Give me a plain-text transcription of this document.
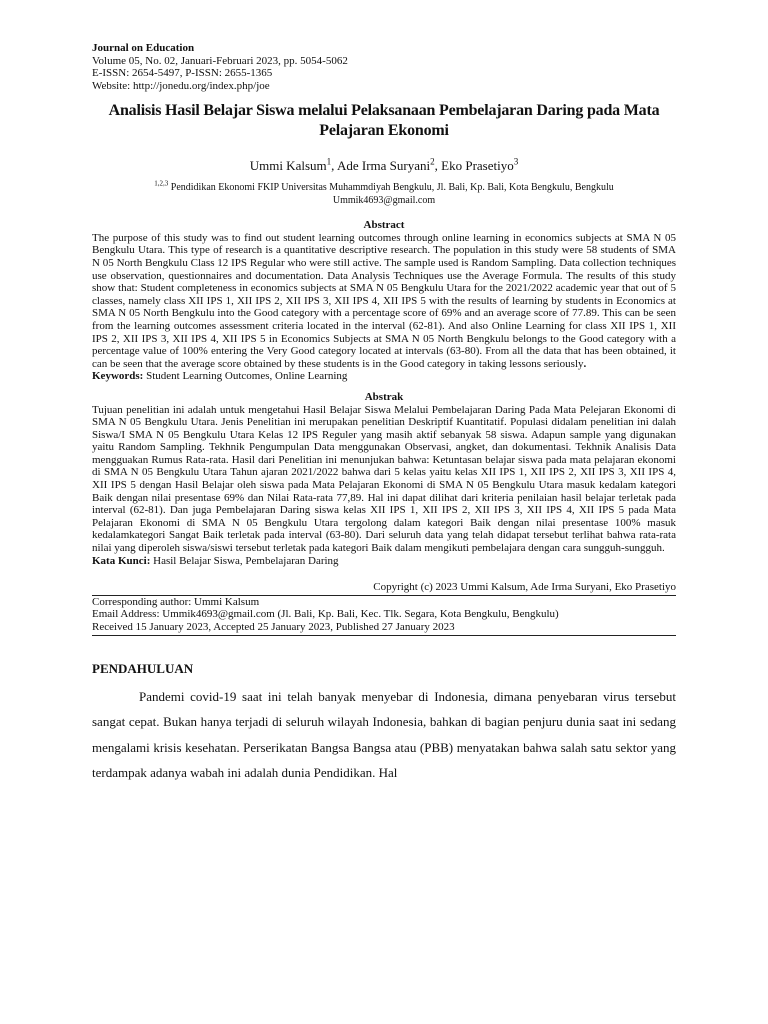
Journal on Education
Volume 05, No. 02, Januari-Februari 2023, pp. 5054-5062
E-ISSN: 2654-5497, P-ISSN: 2655-1365
Website: http://jonedu.org/index.php/joe
Analisis Hasil Belajar Siswa melalui Pelaksanaan Pembelajaran Daring pada Mata Pelajaran Ekonomi
Ummi Kalsum$^1$, Ade Irma Suryani$^2$, Eko Prasetiyo$^3$
$^{1,2,3}$ Pendidikan Ekonomi FKIP Universitas Muhammdiyah Bengkulu, Jl. Bali, Kp. Bali, Kota Bengkulu, Bengkulu
Ummik4693@gmail.com
Abstract
The purpose of this study was to find out student learning outcomes through online learning in economics subjects at SMA N 05 Bengkulu Utara. This type of research is a quantitative descriptive research. The population in this study were 58 students of SMA N 05 North Bengkulu Class 12 IPS Regular who were still active. The sample used is Random Sampling. Data collection techniques use observation, questionnaires and documentation. Data Analysis Techniques use the Average Formula. The results of this study show that: Student completeness in economics subjects at SMA N 05 Bengkulu Utara for the 2021/2022 academic year that out of 5 classes, namely class XII IPS 1, XII IPS 2, XII IPS 3, XII IPS 4, XII IPS 5 with the results of learning by students in Economics at SMA N 05 North Bengkulu into the Good category with a percentage score of 69% and an average score of 77.89. This can be seen from the learning outcomes assessment criteria located in the interval (62-81). And also Online Learning for class XII IPS 1, XII IPS 2, XII IPS 3, XII IPS 4, XII IPS 5 in Economics Subjects at SMA N 05 North Bengkulu belongs to the Good category with a percentage value of 100% entering the Very Good category located at intervals (63-80). From all the data that has been obtained, it can be seen that the average score obtained by these students is in the Good category in taking lessons seriously.
Keywords: Student Learning Outcomes, Online Learning
Abstrak
Tujuan penelitian ini adalah untuk mengetahui Hasil Belajar Siswa Melalui Pembelajaran Daring Pada Mata Pelejaran Ekonomi di SMA N 05 Bengkulu Utara. Jenis Penelitian ini merupakan penelitian Deskriptif Kuantitatif. Populasi didalam penelitian ini dalah Siswa/I SMA N 05 Bengkulu Utara Kelas 12 IPS Reguler yang masih aktif sebanyak 58 siswa. Adapun sample yang digunakan yaitu Random Sampling. Tekhnik Pengumpulan Data menggunakan Observasi, angket, dan dokumentasi. Tekhnik Analisis Data mengguakan Rumus Rata-rata. Hasil dari Penelitian ini menunjukan bahwa: Ketuntasan belajar siswa pada mata pelajaran ekonomi di SMA N 05 Bengkulu Utara Tahun ajaran 2021/2022 bahwa dari 5 kelas yaitu kelas XII IPS 1, XII IPS 2, XII IPS 3, XII IPS 4, XII IPS 5 dengan Hasil Belajar oleh siswa pada Mata Pelajaran Ekonomi di SMA N 05 Bengkulu Utara masuk kedalam kategori Baik dengan nilai presentase 69% dan Nilai Rata-rata 77,89. Hal ini dapat dilihat dari kriteria penilaian hasil belajar terletak pada interval (62-81). Dan juga Pembelajaran Daring siswa kelas XII IPS 1, XII IPS 2, XII IPS 3, XII IPS 4, XII IPS 5 pada Mata Pelajaran Ekonomi di SMA N 05 Bengkulu Utara tergolong dalam kategori Baik dengan nilai presentase 100% masuk kedalamkategori Sangat Baik terletak pada interval (63-80). Dari seluruh data yang telah didapat tersebut terlihat bahwa rata-rata nilai yang diperoleh siswa/siswi tersebut terletak pada kategori Baik dalam mengikuti pembelajara dengan cara sungguh-sungguh.
Kata Kunci: Hasil Belajar Siswa, Pembelajaran Daring
Copyright (c) 2023 Ummi Kalsum, Ade Irma Suryani, Eko Prasetiyo
Corresponding author: Ummi Kalsum
Email Address: Ummik4693@gmail.com (Jl. Bali, Kp. Bali, Kec. Tlk. Segara, Kota Bengkulu, Bengkulu)
Received 15 January 2023, Accepted 25 January 2023, Published 27 January 2023
PENDAHULUAN
Pandemi covid-19 saat ini telah banyak menyebar di Indonesia, dimana penyebaran virus tersebut sangat cepat. Bukan hanya terjadi di seluruh wilayah Indonesia, bahkan di bagian penjuru dunia saat ini sedang mengalami krisis kesehatan. Perserikatan Bangsa Bangsa atau (PBB) menyatakan bahwa salah satu sektor yang terdampak adanya wabah ini adalah dunia Pendidikan. Hal
